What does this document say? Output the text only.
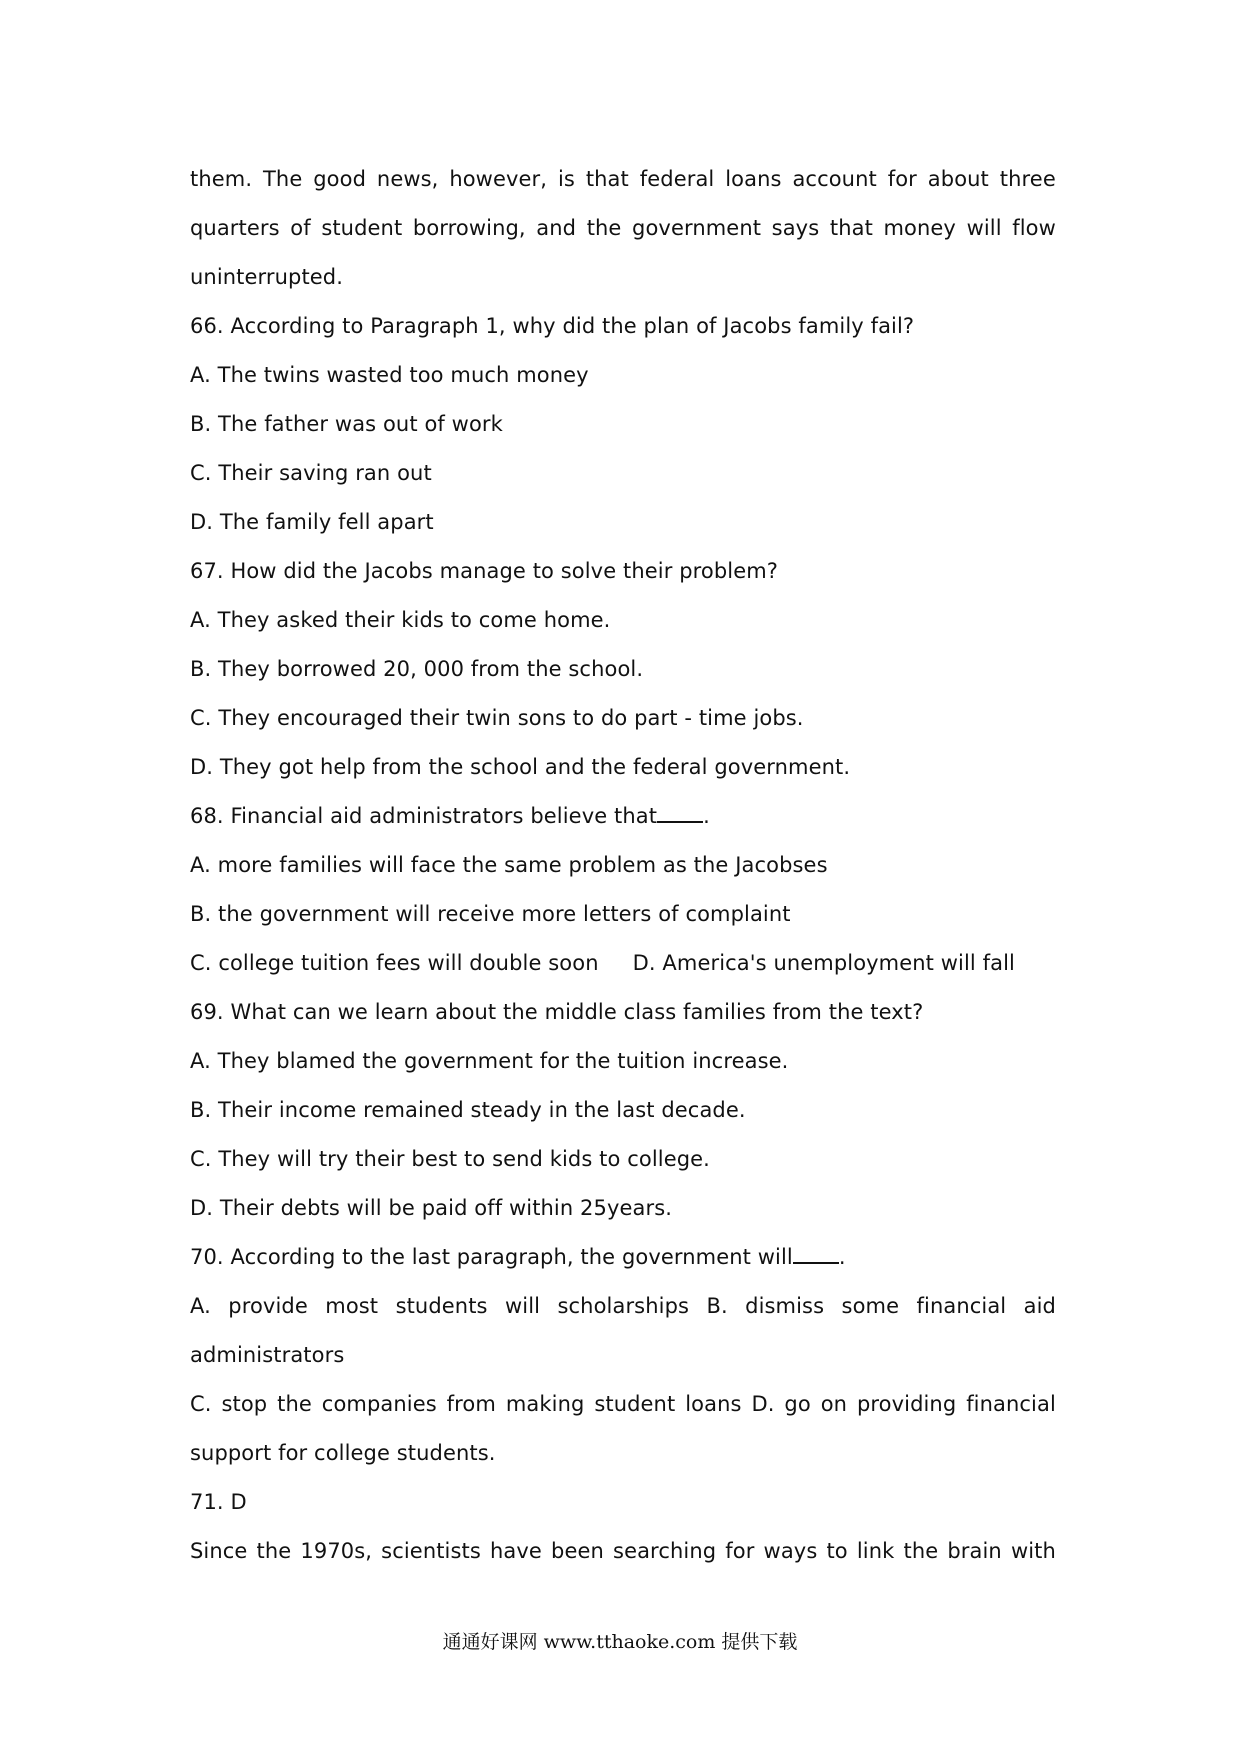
them. The good news, however, is that federal loans account for about three
quarters of student borrowing, and the government says that money will flow
uninterrupted.
66. According to Paragraph 1, why did the plan of Jacobs family fail?
A. The twins wasted too much money
B. The father was out of work
C. Their saving ran out
D. The family fell apart
67. How did the Jacobs manage to solve their problem?
A. They asked their kids to come home.
B. They borrowed 20, 000 from the school.
C. They encouraged their twin sons to do part - time jobs.
D. They got help from the school and the federal government.
68. Financial aid administrators believe that .
A. more families will face the same problem as the Jacobses
B. the government will receive more letters of complaint
C. college tuition fees will double soon D. America's unemployment will fall
69. What can we learn about the middle class families from the text?
A. They blamed the government for the tuition increase.
B. Their income remained steady in the last decade.
C. They will try their best to send kids to college.
D. Their debts will be paid off within 25years.
70. According to the last paragraph, the government will .
A. provide most students will scholarships B. dismiss some financial aid
administrators
C. stop the companies from making student loans D. go on providing financial
support for college students.
71. D
Since the 1970s, scientists have been searching for ways to link the brain with
通通好课网 www.tthaoke.com 提供下载
